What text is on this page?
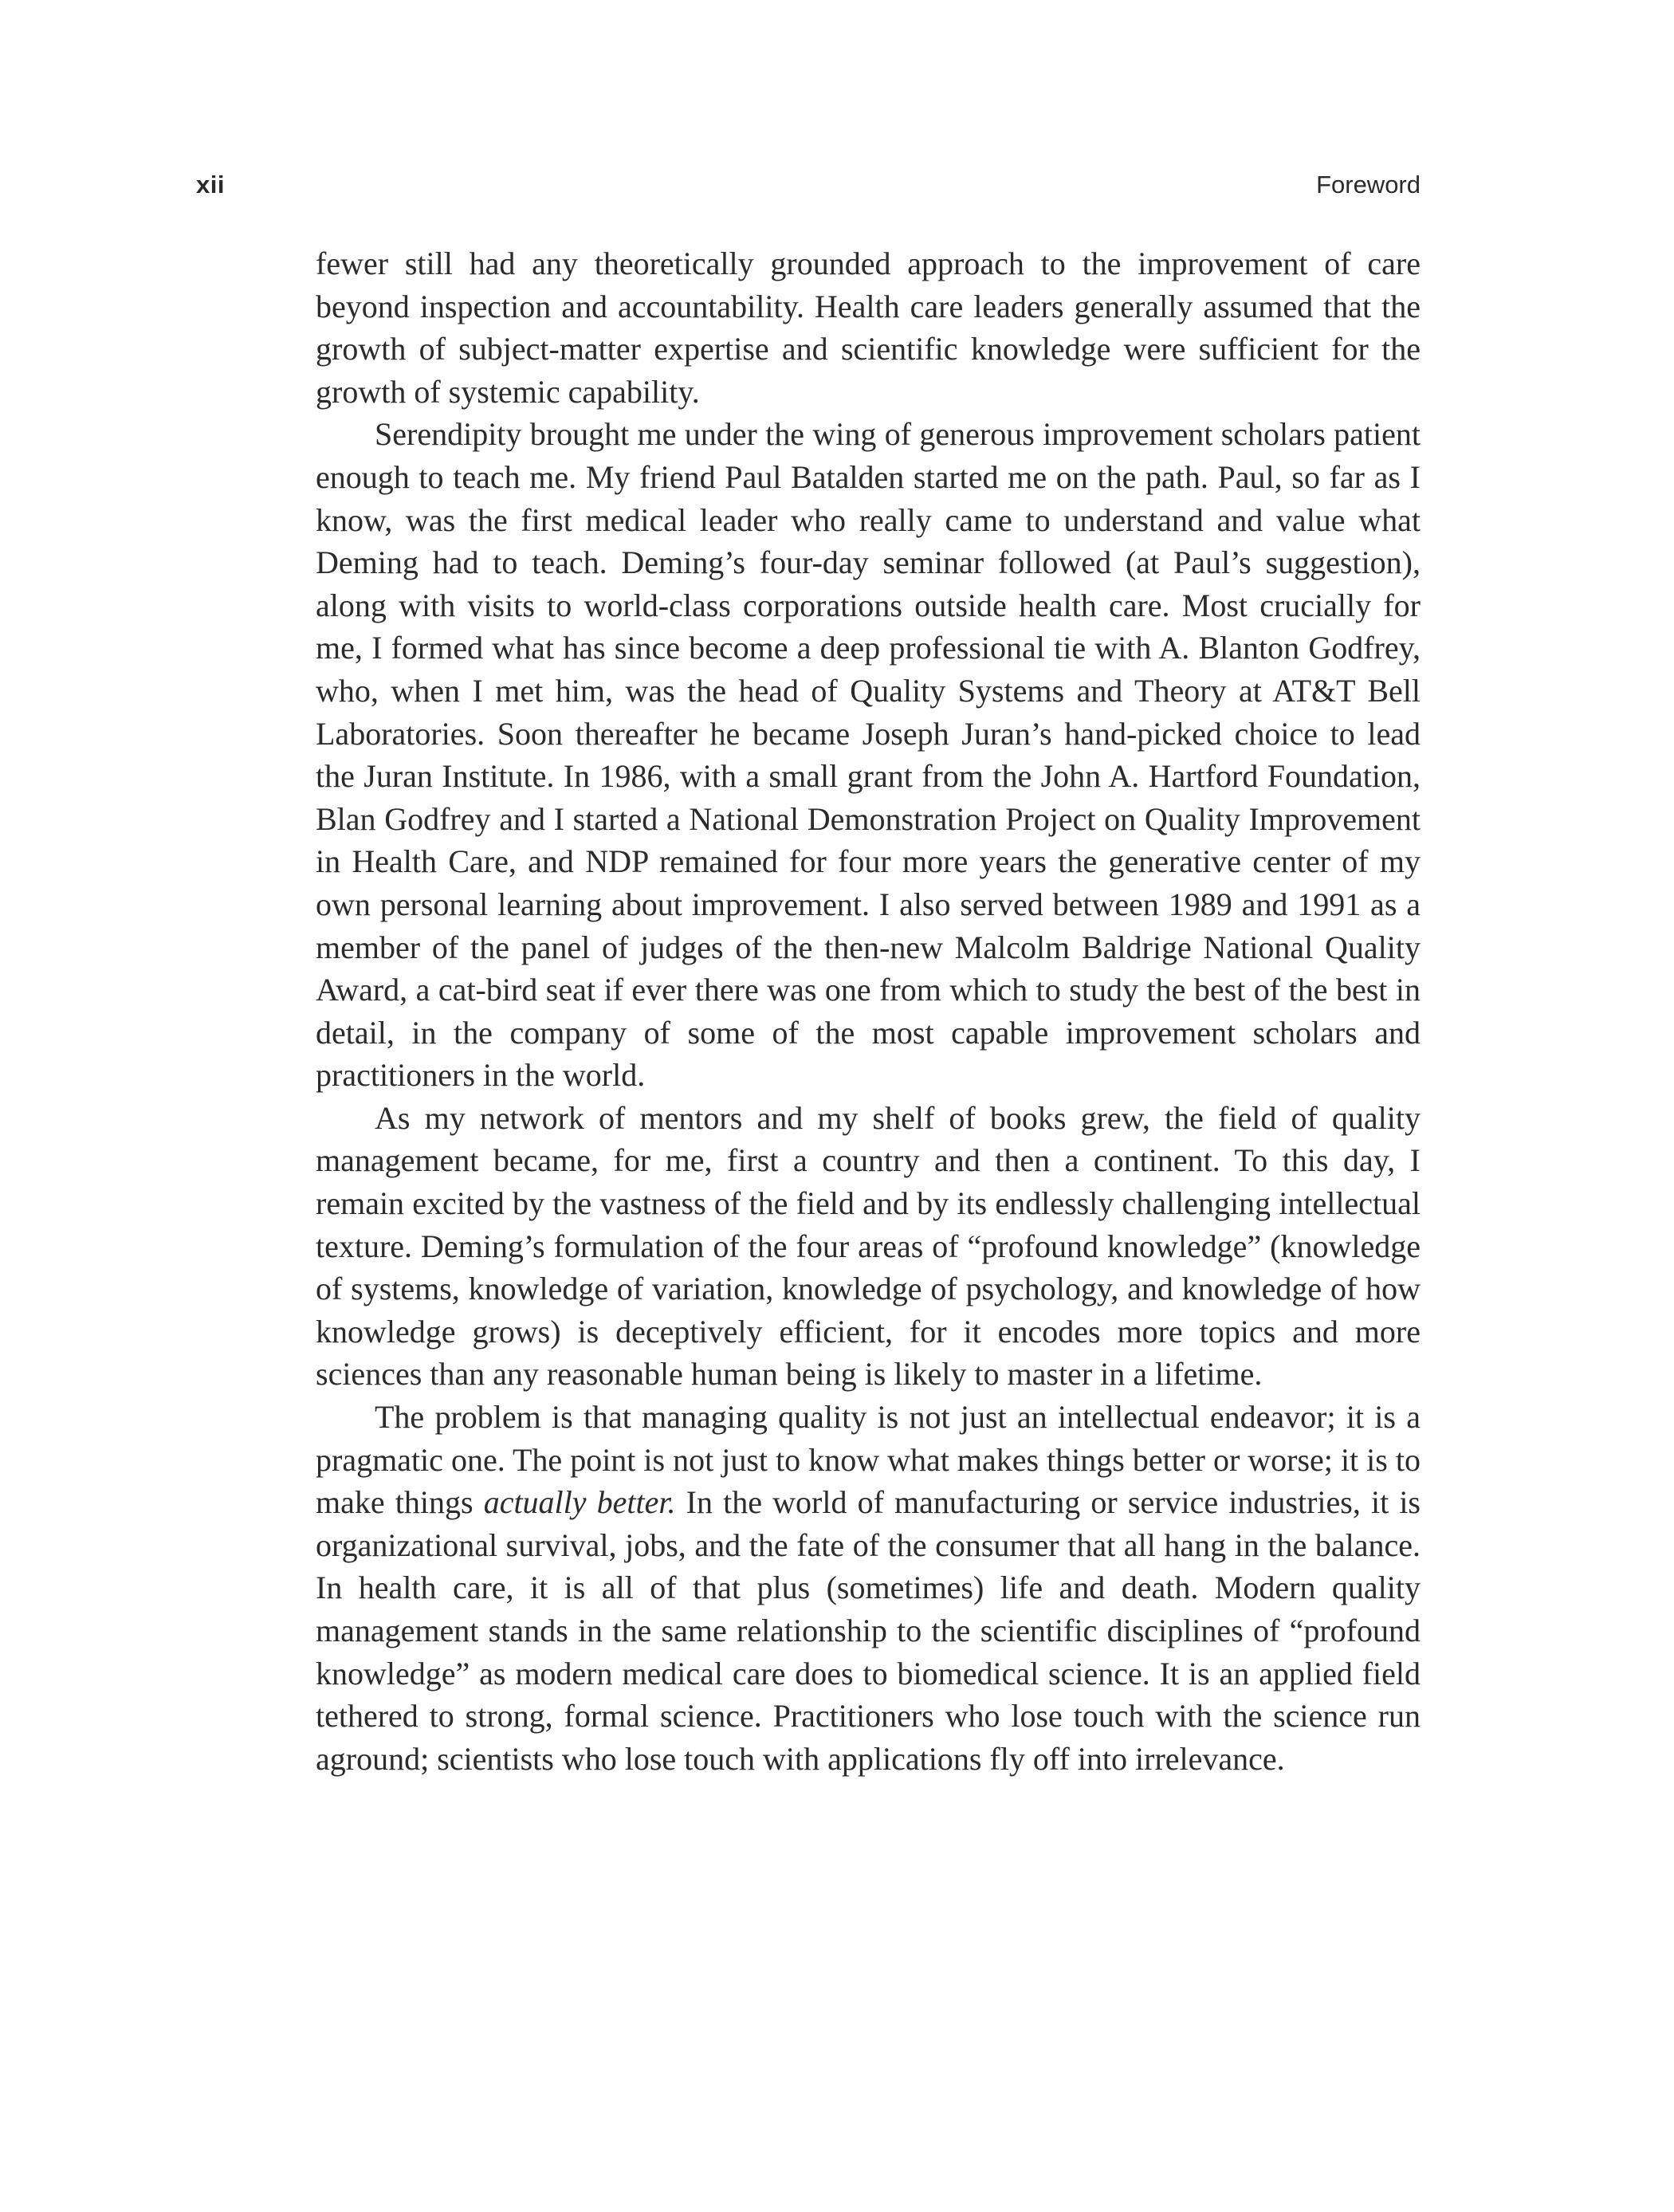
xii	Foreword

fewer still had any theoretically grounded approach to the improvement of care beyond inspection and accountability. Health care leaders generally assumed that the growth of subject-matter expertise and scientific knowledge were sufficient for the growth of systemic capability.

Serendipity brought me under the wing of generous improvement scholars patient enough to teach me. My friend Paul Batalden started me on the path. Paul, so far as I know, was the first medical leader who really came to understand and value what Deming had to teach. Deming’s four-day seminar followed (at Paul’s suggestion), along with visits to world-class corporations outside health care. Most crucially for me, I formed what has since become a deep professional tie with A. Blanton Godfrey, who, when I met him, was the head of Quality Systems and Theory at AT&T Bell Laboratories. Soon thereafter he became Joseph Juran’s hand-picked choice to lead the Juran Institute. In 1986, with a small grant from the John A. Hartford Foundation, Blan Godfrey and I started a National Demonstration Project on Quality Improvement in Health Care, and NDP remained for four more years the generative center of my own personal learning about improvement. I also served between 1989 and 1991 as a member of the panel of judges of the then-new Malcolm Baldrige National Quality Award, a cat-bird seat if ever there was one from which to study the best of the best in detail, in the company of some of the most capable improvement scholars and practitioners in the world.

As my network of mentors and my shelf of books grew, the field of quality management became, for me, first a country and then a continent. To this day, I remain excited by the vastness of the field and by its endlessly challenging intellectual texture. Deming’s formulation of the four areas of “profound knowledge” (knowledge of systems, knowledge of variation, knowledge of psychology, and knowledge of how knowledge grows) is deceptively efficient, for it encodes more topics and more sciences than any reasonable human being is likely to master in a lifetime.

The problem is that managing quality is not just an intellectual endeavor; it is a pragmatic one. The point is not just to know what makes things better or worse; it is to make things actually better. In the world of manufacturing or service industries, it is organizational survival, jobs, and the fate of the consumer that all hang in the balance. In health care, it is all of that plus (sometimes) life and death. Modern quality management stands in the same relationship to the scientific disciplines of “profound knowledge” as modern medical care does to biomedical science. It is an applied field tethered to strong, formal science. Practitioners who lose touch with the science run aground; scientists who lose touch with applications fly off into irrelevance.
